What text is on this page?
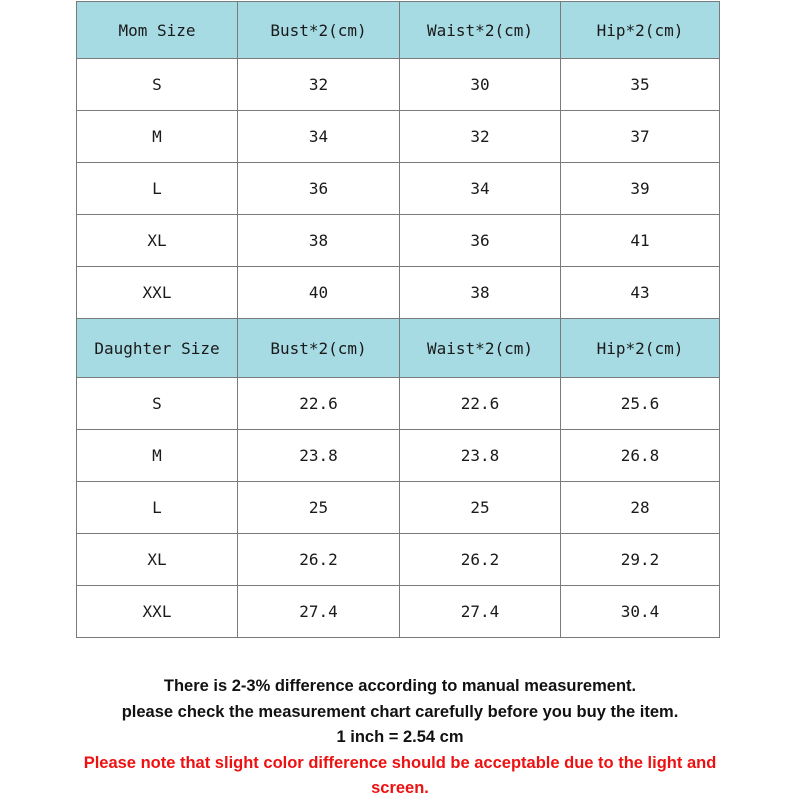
Mom Size	Bust*2(cm)	Waist*2(cm)	Hip*2(cm)
S	32	30	35
M	34	32	37
L	36	34	39
XL	38	36	41
XXL	40	38	43
Daughter Size	Bust*2(cm)	Waist*2(cm)	Hip*2(cm)
S	22.6	22.6	25.6
M	23.8	23.8	26.8
L	25	25	28
XL	26.2	26.2	29.2
XXL	27.4	27.4	30.4
There is 2-3% difference according to manual measurement.
please check the measurement chart carefully before you buy the item.
1 inch = 2.54 cm
Please note that slight color difference should be acceptable due to the light and screen.
